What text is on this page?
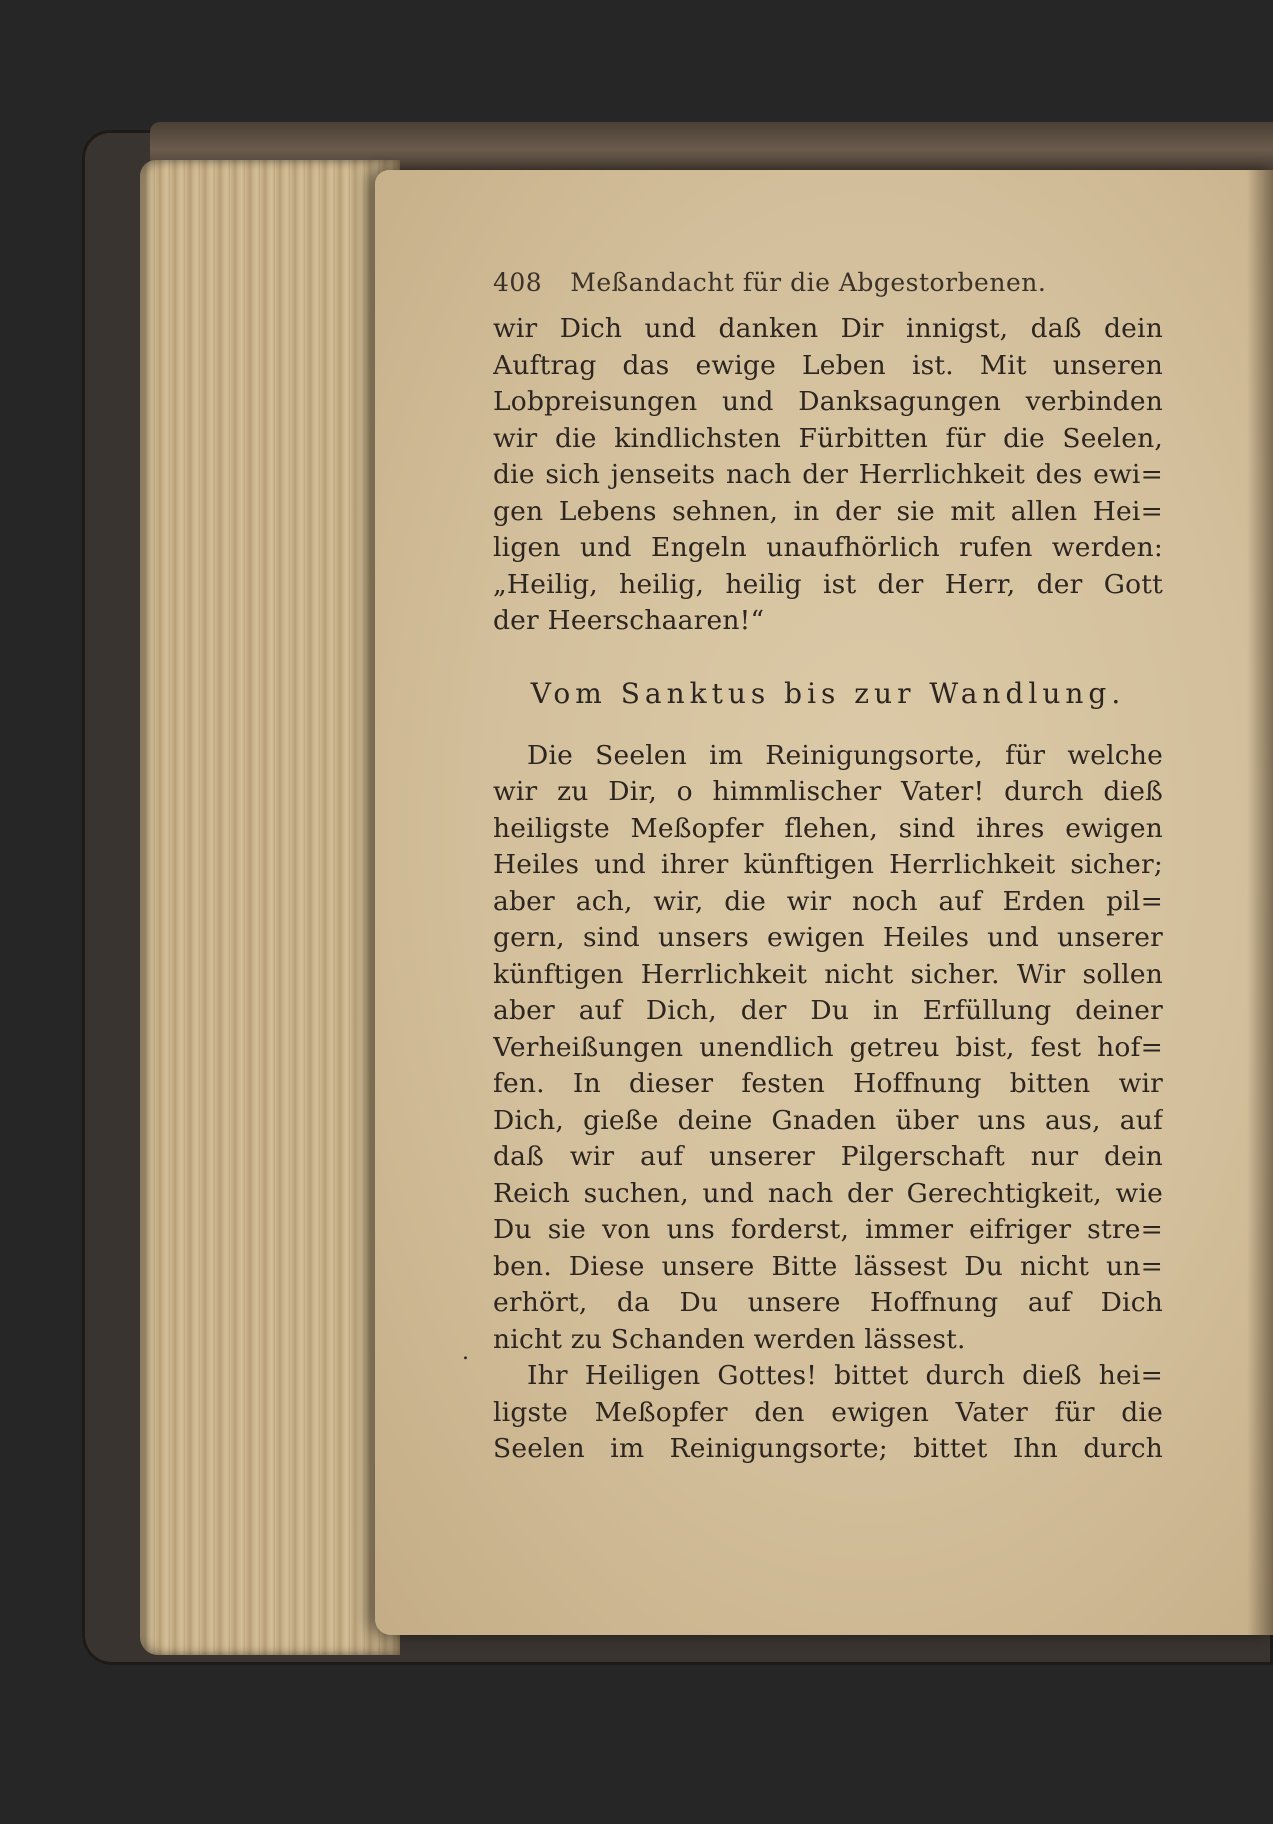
408 Meßandacht für die Abgestorbenen.
wir Dich und danken Dir innigst, daß dein
Auftrag das ewige Leben ist. Mit unseren
Lobpreisungen und Danksagungen verbinden
wir die kindlichsten Fürbitten für die Seelen,
die sich jenseits nach der Herrlichkeit des ewi=
gen Lebens sehnen, in der sie mit allen Hei=
ligen und Engeln unaufhörlich rufen werden:
„Heilig, heilig, heilig ist der Herr, der Gott
der Heerschaaren!“
Vom Sanktus bis zur Wandlung.
Die Seelen im Reinigungsorte, für welche
wir zu Dir, o himmlischer Vater! durch dieß
heiligste Meßopfer flehen, sind ihres ewigen
Heiles und ihrer künftigen Herrlichkeit sicher;
aber ach, wir, die wir noch auf Erden pil=
gern, sind unsers ewigen Heiles und unserer
künftigen Herrlichkeit nicht sicher. Wir sollen
aber auf Dich, der Du in Erfüllung deiner
Verheißungen unendlich getreu bist, fest hof=
fen. In dieser festen Hoffnung bitten wir
Dich, gieße deine Gnaden über uns aus, auf
daß wir auf unserer Pilgerschaft nur dein
Reich suchen, und nach der Gerechtigkeit, wie
Du sie von uns forderst, immer eifriger stre=
ben. Diese unsere Bitte lässest Du nicht un=
erhört, da Du unsere Hoffnung auf Dich
nicht zu Schanden werden lässest.
Ihr Heiligen Gottes! bittet durch dieß hei=
ligste Meßopfer den ewigen Vater für die
Seelen im Reinigungsorte; bittet Ihn durch
.
